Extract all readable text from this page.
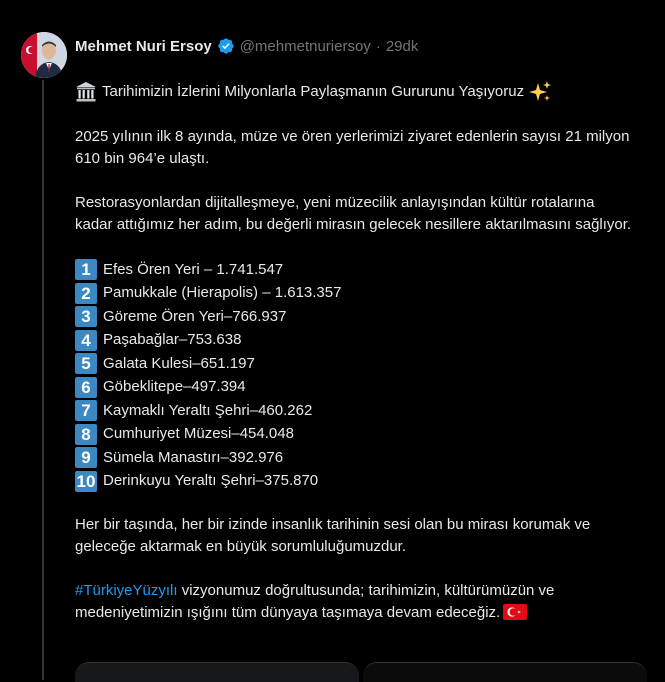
Mehmet Nuri Ersoy @mehmetnuriersoy · 29dk
Tarihimizin İzlerini Milyonlarla Paylaşmanın Gururunu Yaşıyoruz

2025 yılının ilk 8 ayında, müze ve ören yerlerimizi ziyaret edenlerin sayısı 21 milyon 610 bin 964’e ulaştı.

Restorasyonlardan dijitalleşmeye, yeni müzecilik anlayışından kültür rotalarına kadar attığımız her adım, bu değerli mirasın gelecek nesillere aktarılmasını sağlıyor.

1 Efes Ören Yeri – 1.741.547
2 Pamukkale (Hierapolis) – 1.613.357
3 Göreme Ören Yeri–766.937
4 Paşabağlar–753.638
5 Galata Kulesi–651.197
6 Göbeklitepe–497.394
7 Kaymaklı Yeraltı Şehri–460.262
8 Cumhuriyet Müzesi–454.048
9 Sümela Manastırı–392.976
10 Derinkuyu Yeraltı Şehri–375.870

Her bir taşında, her bir izinde insanlık tarihinin sesi olan bu mirası korumak ve geleceğe aktarmak en büyük sorumluluğumuzdur.

#TürkiyeYüzyılı vizyonumuz doğrultusunda; tarihimizin, kültürümüzün ve medeniyetimizin ışığını tüm dünyaya taşımaya devam edeceğiz.
